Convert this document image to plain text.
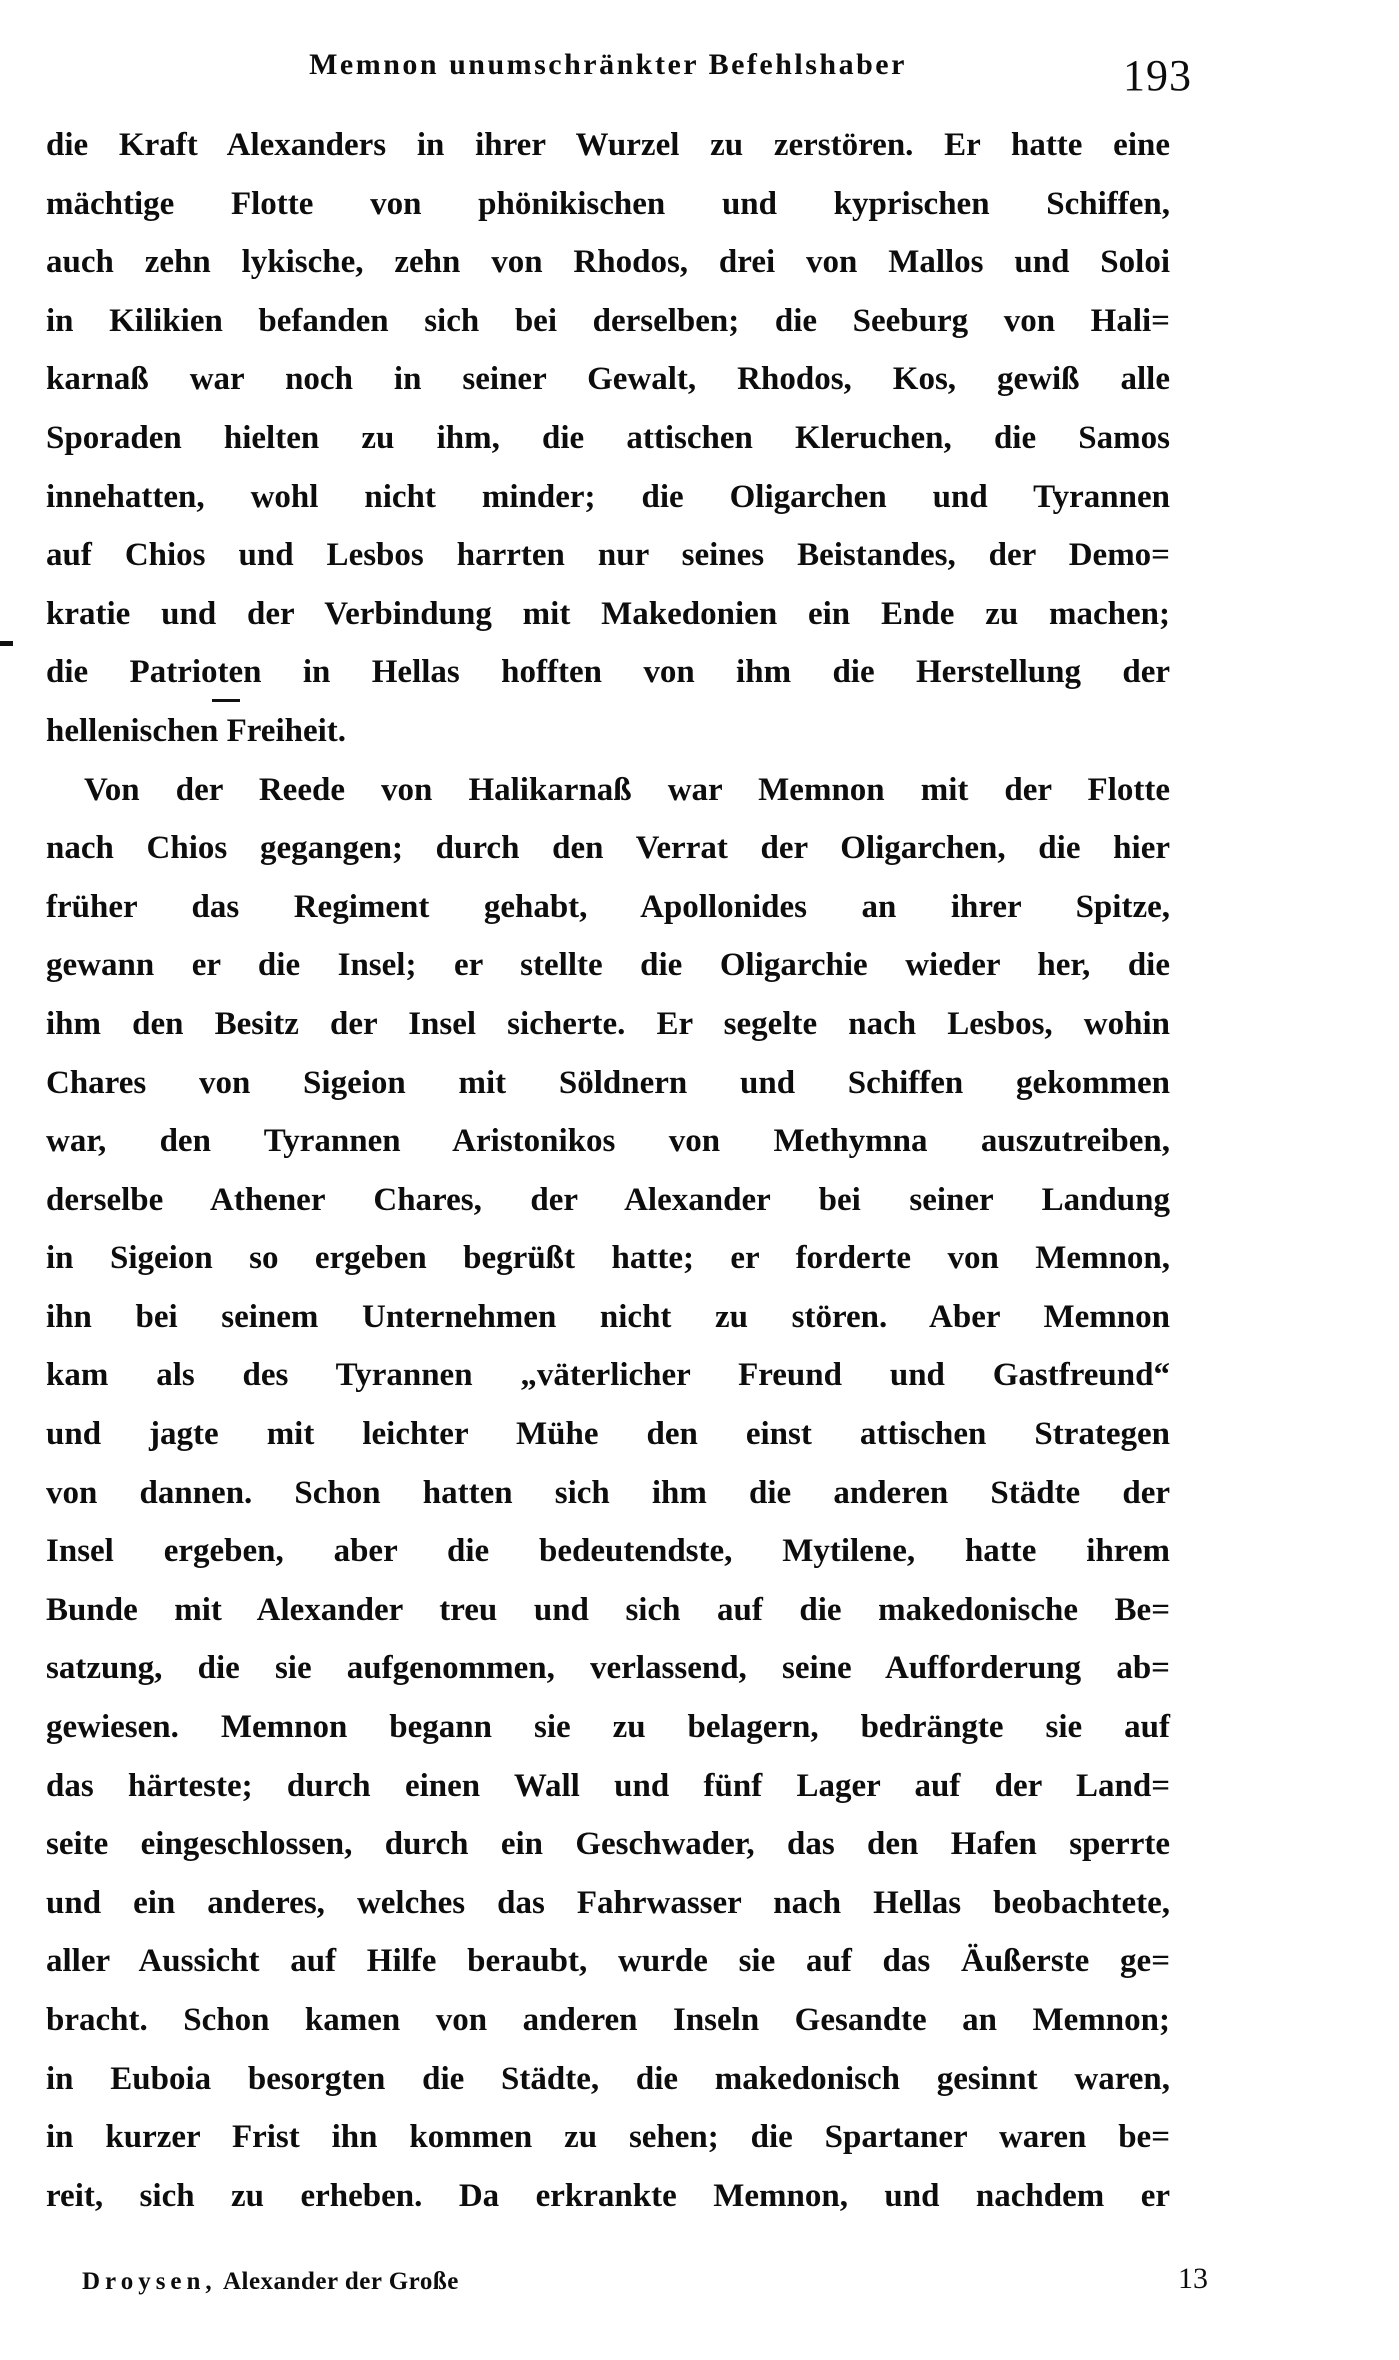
Memnon unumschränkter Befehlshaber	193
die Kraft Alexanders in ihrer Wurzel zu zerstören. Er hatte eine
mächtige Flotte von phönikischen und kyprischen Schiffen,
auch zehn lykische, zehn von Rhodos, drei von Mallos und Soloi
in Kilikien befanden sich bei derselben; die Seeburg von Hali=
karnaß war noch in seiner Gewalt, Rhodos, Kos, gewiß alle
Sporaden hielten zu ihm, die attischen Kleruchen, die Samos
innehatten, wohl nicht minder; die Oligarchen und Tyrannen
auf Chios und Lesbos harrten nur seines Beistandes, der Demo=
kratie und der Verbindung mit Makedonien ein Ende zu machen;
die Patrioten in Hellas hofften von ihm die Herstellung der
hellenischen Freiheit.
Von der Reede von Halikarnaß war Memnon mit der Flotte
nach Chios gegangen; durch den Verrat der Oligarchen, die hier
früher das Regiment gehabt, Apollonides an ihrer Spitze,
gewann er die Insel; er stellte die Oligarchie wieder her, die
ihm den Besitz der Insel sicherte. Er segelte nach Lesbos, wohin
Chares von Sigeion mit Söldnern und Schiffen gekommen
war, den Tyrannen Aristonikos von Methymna auszutreiben,
derselbe Athener Chares, der Alexander bei seiner Landung
in Sigeion so ergeben begrüßt hatte; er forderte von Memnon,
ihn bei seinem Unternehmen nicht zu stören. Aber Memnon
kam als des Tyrannen „väterlicher Freund und Gastfreund“
und jagte mit leichter Mühe den einst attischen Strategen
von dannen. Schon hatten sich ihm die anderen Städte der
Insel ergeben, aber die bedeutendste, Mytilene, hatte ihrem
Bunde mit Alexander treu und sich auf die makedonische Be=
satzung, die sie aufgenommen, verlassend, seine Aufforderung ab=
gewiesen. Memnon begann sie zu belagern, bedrängte sie auf
das härteste; durch einen Wall und fünf Lager auf der Land=
seite eingeschlossen, durch ein Geschwader, das den Hafen sperrte
und ein anderes, welches das Fahrwasser nach Hellas beobachtete,
aller Aussicht auf Hilfe beraubt, wurde sie auf das Äußerste ge=
bracht. Schon kamen von anderen Inseln Gesandte an Memnon;
in Euboia besorgten die Städte, die makedonisch gesinnt waren,
in kurzer Frist ihn kommen zu sehen; die Spartaner waren be=
reit, sich zu erheben. Da erkrankte Memnon, und nachdem er
Droysen, Alexander der Große	13
